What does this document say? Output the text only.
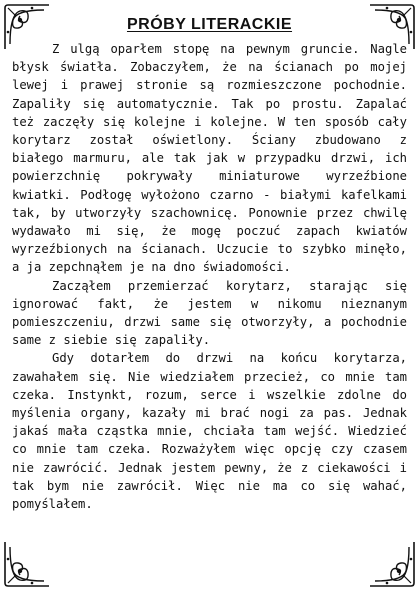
PRÓBY LITERACKIE

Z ulgą oparłem stopę na pewnym gruncie. Nagle błysk światła. Zobaczyłem, że na ścianach po mojej lewej i prawej stronie są rozmieszczone pochodnie. Zapaliły się automatycznie. Tak po prostu. Zapalać też zaczęły się kolejne i kolejne. W ten sposób cały korytarz został oświetlony. Ściany zbudowano z białego marmuru, ale tak jak w przypadku drzwi, ich powierzchnię pokrywały miniaturowe wyrzeźbione kwiatki. Podłogę wyłożono czarno - białymi kafelkami tak, by utworzyły szachownicę. Ponownie przez chwilę wydawało mi się, że mogę poczuć zapach kwiatów wyrzeźbionych na ścianach. Uczucie to szybko minęło, a ja zepchnąłem je na dno świadomości.

Zacząłem przemierzać korytarz, starając się ignorować fakt, że jestem w nikomu nieznanym pomieszczeniu, drzwi same się otworzyły, a pochodnie same z siebie się zapaliły.

Gdy dotarłem do drzwi na końcu korytarza, zawahałem się. Nie wiedziałem przecież, co mnie tam czeka. Instynkt, rozum, serce i wszelkie zdolne do myślenia organy, kazały mi brać nogi za pas. Jednak jakaś mała cząstka mnie, chciała tam wejść. Wiedzieć co mnie tam czeka. Rozważyłem więc opcję czy czasem nie zawrócić. Jednak jestem pewny, że z ciekawości i tak bym nie zawrócił. Więc nie ma co się wahać, pomyślałem.
